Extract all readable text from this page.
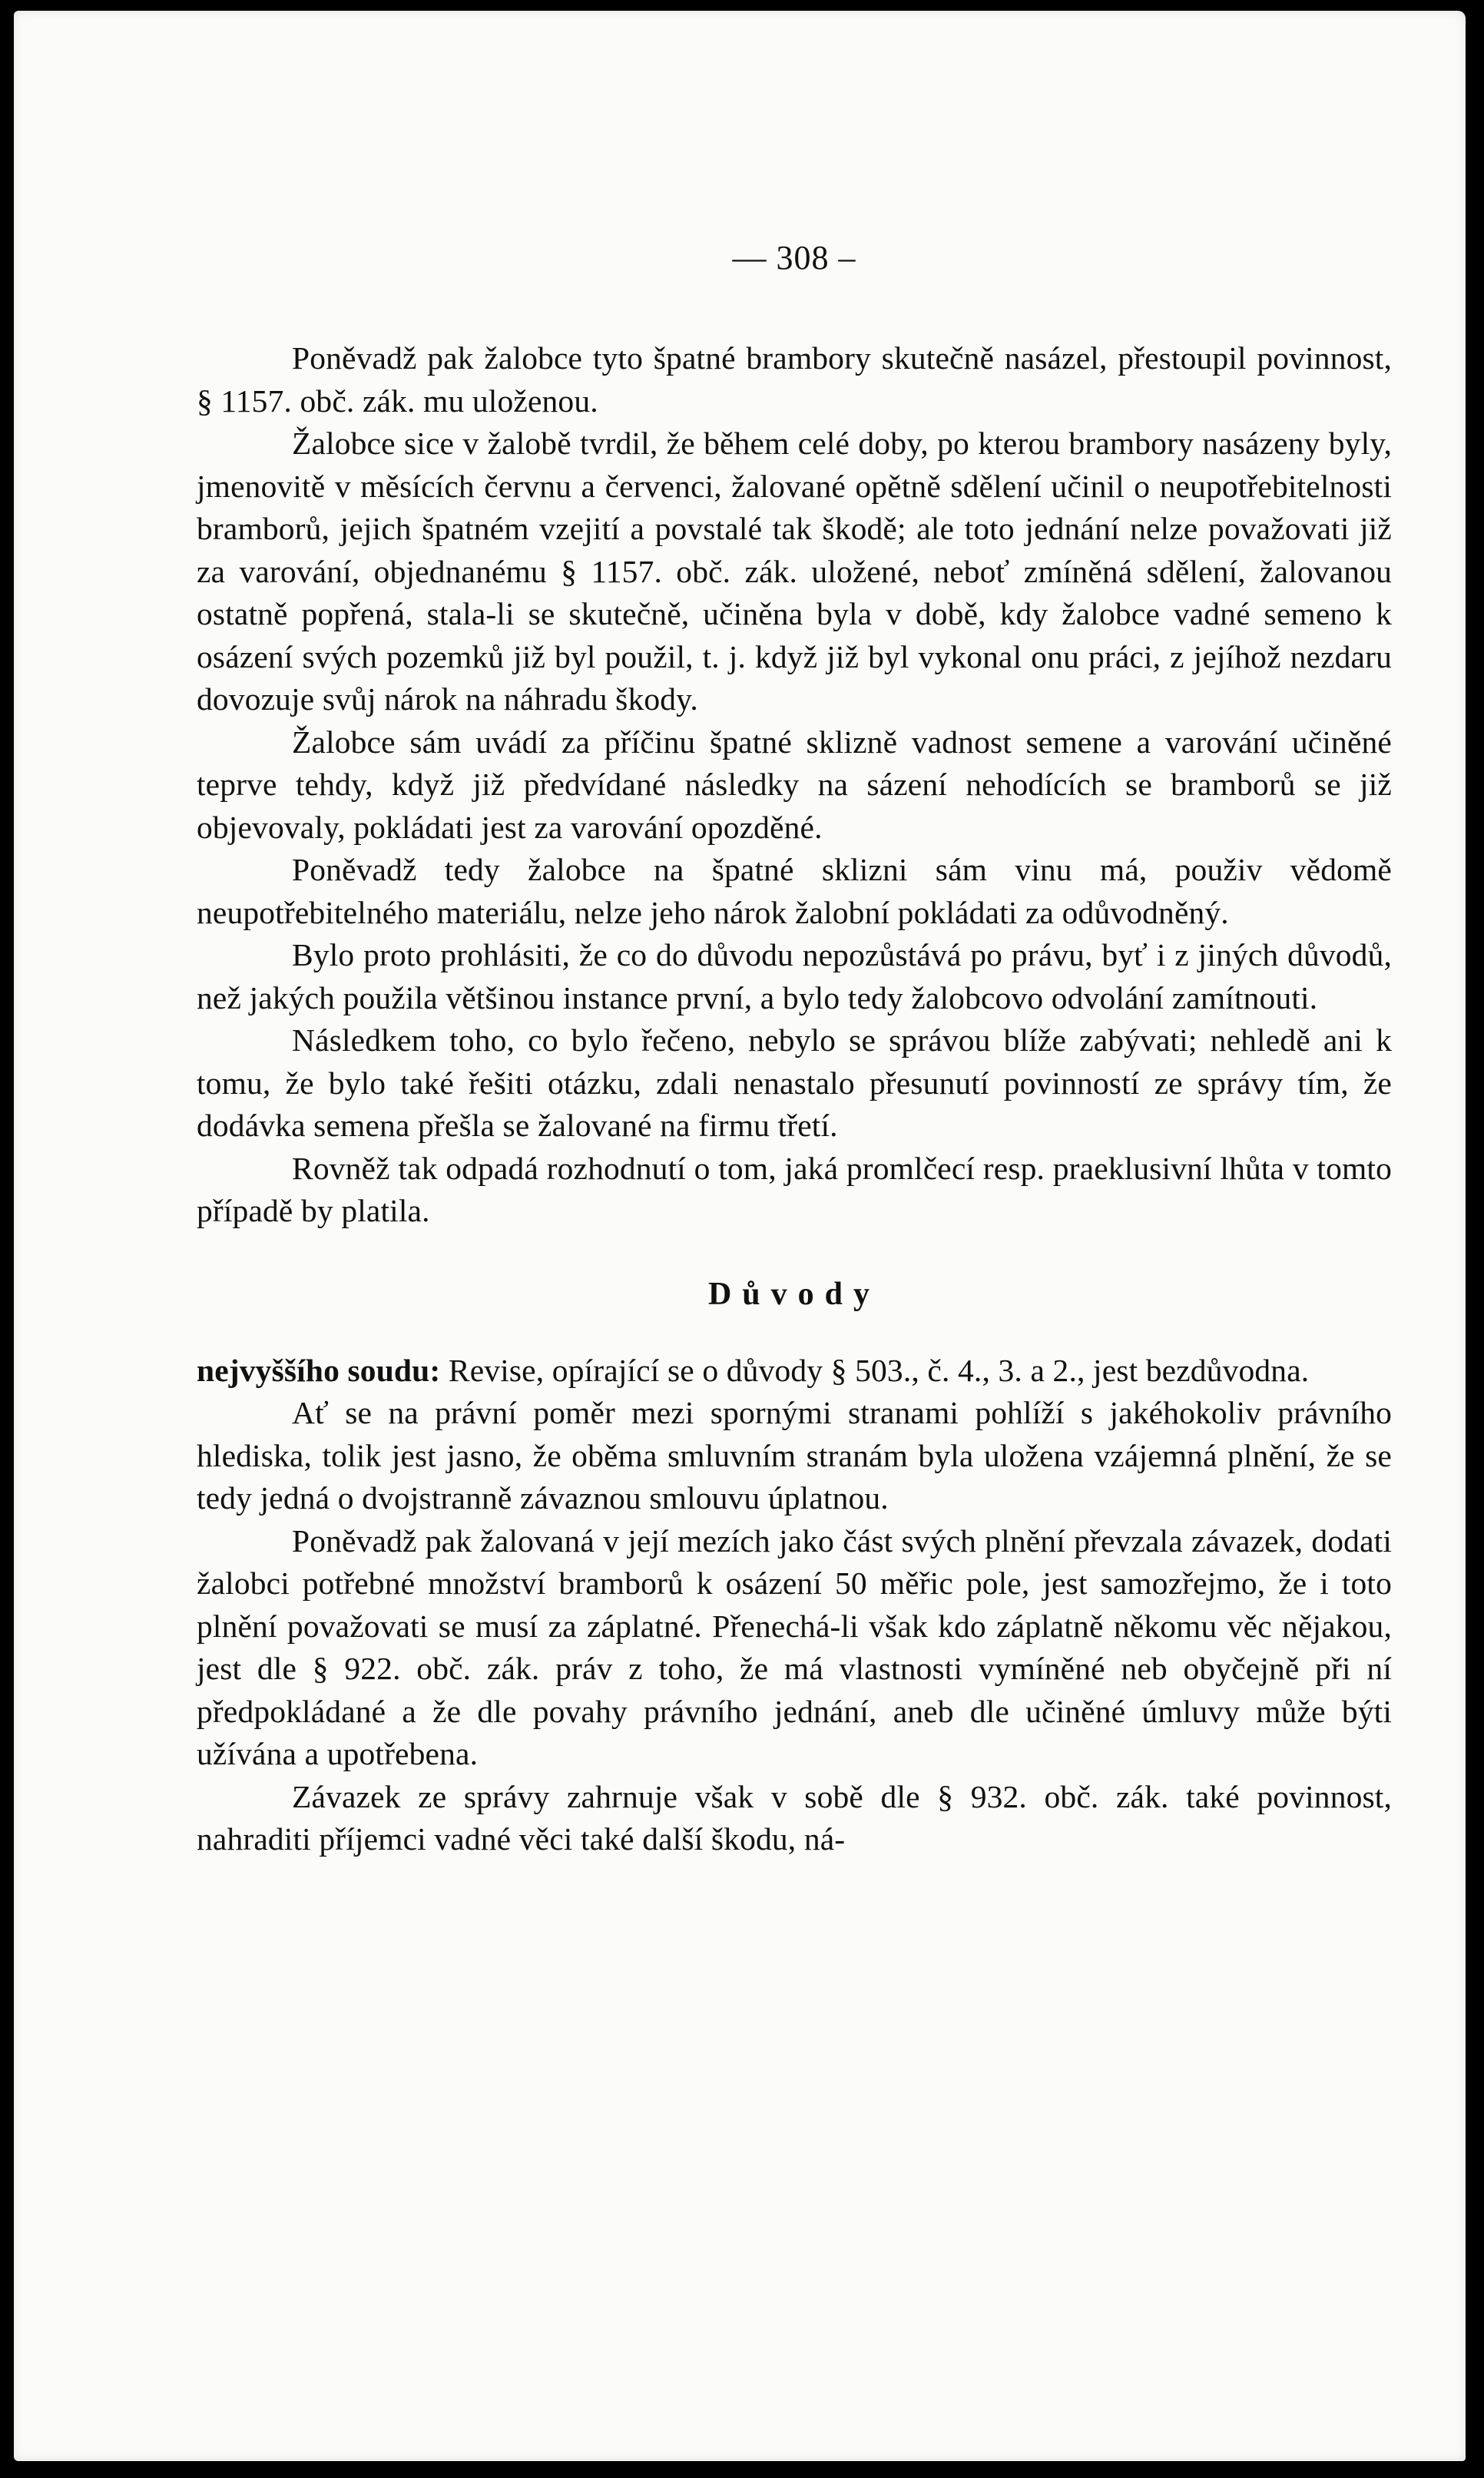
— 308 –

Poněvadž pak žalobce tyto špatné brambory skutečně nasázel, přestoupil povinnost, § 1157. obč. zák. mu uloženou.

Žalobce sice v žalobě tvrdil, že během celé doby, po kterou brambory nasázeny byly, jmenovitě v měsících červnu a červenci, žalované opětně sdělení učinil o neupotřebitelnosti bramborů, jejich špatném vzejití a povstalé tak škodě; ale toto jednání nelze považovati již za varování, objednanému § 1157. obč. zák. uložené, neboť zmíněná sdělení, žalovanou ostatně popřená, stala-li se skutečně, učiněna byla v době, kdy žalobce vadné semeno k osázení svých pozemků již byl použil, t. j. když již byl vykonal onu práci, z jejíhož nezdaru dovozuje svůj nárok na náhradu škody.

Žalobce sám uvádí za příčinu špatné sklizně vadnost semene a varování učiněné teprve tehdy, když již předvídané následky na sázení nehodících se bramborů se již objevovaly, pokládati jest za varování opozděné.

Poněvadž tedy žalobce na špatné sklizni sám vinu má, použiv vědomě neupotřebitelného materiálu, nelze jeho nárok žalobní pokládati za odůvodněný.

Bylo proto prohlásiti, že co do důvodu nepozůstává po právu, byť i z jiných důvodů, než jakých použila většinou instance první, a bylo tedy žalobcovo odvolání zamítnouti.

Následkem toho, co bylo řečeno, nebylo se správou blíže zabývati; nehledě ani k tomu, že bylo také řešiti otázku, zdali nenastalo přesunutí povinností ze správy tím, že dodávka semena přešla se žalované na firmu třetí.

Rovněž tak odpadá rozhodnutí o tom, jaká promlčecí resp. praeklusivní lhůta v tomto případě by platila.

Důvody

nejvyššího soudu: Revise, opírající se o důvody § 503., č. 4., 3. a 2., jest bezdůvodna.

Ať se na právní poměr mezi spornými stranami pohlíží s jakéhokoliv právního hlediska, tolik jest jasno, že oběma smluvním stranám byla uložena vzájemná plnění, že se tedy jedná o dvojstranně závaznou smlouvu úplatnou.

Poněvadž pak žalovaná v její mezích jako část svých plnění převzala závazek, dodati žalobci potřebné množství bramborů k osázení 50 měřic pole, jest samozřejmo, že i toto plnění považovati se musí za záplatné. Přenechá-li však kdo záplatně někomu věc nějakou, jest dle § 922. obč. zák. práv z toho, že má vlastnosti vymíněné neb obyčejně při ní předpokládané a že dle povahy právního jednání, aneb dle učiněné úmluvy může býti užívána a upotřebena.

Závazek ze správy zahrnuje však v sobě dle § 932. obč. zák. také povinnost, nahraditi příjemci vadné věci také další škodu, ná-
